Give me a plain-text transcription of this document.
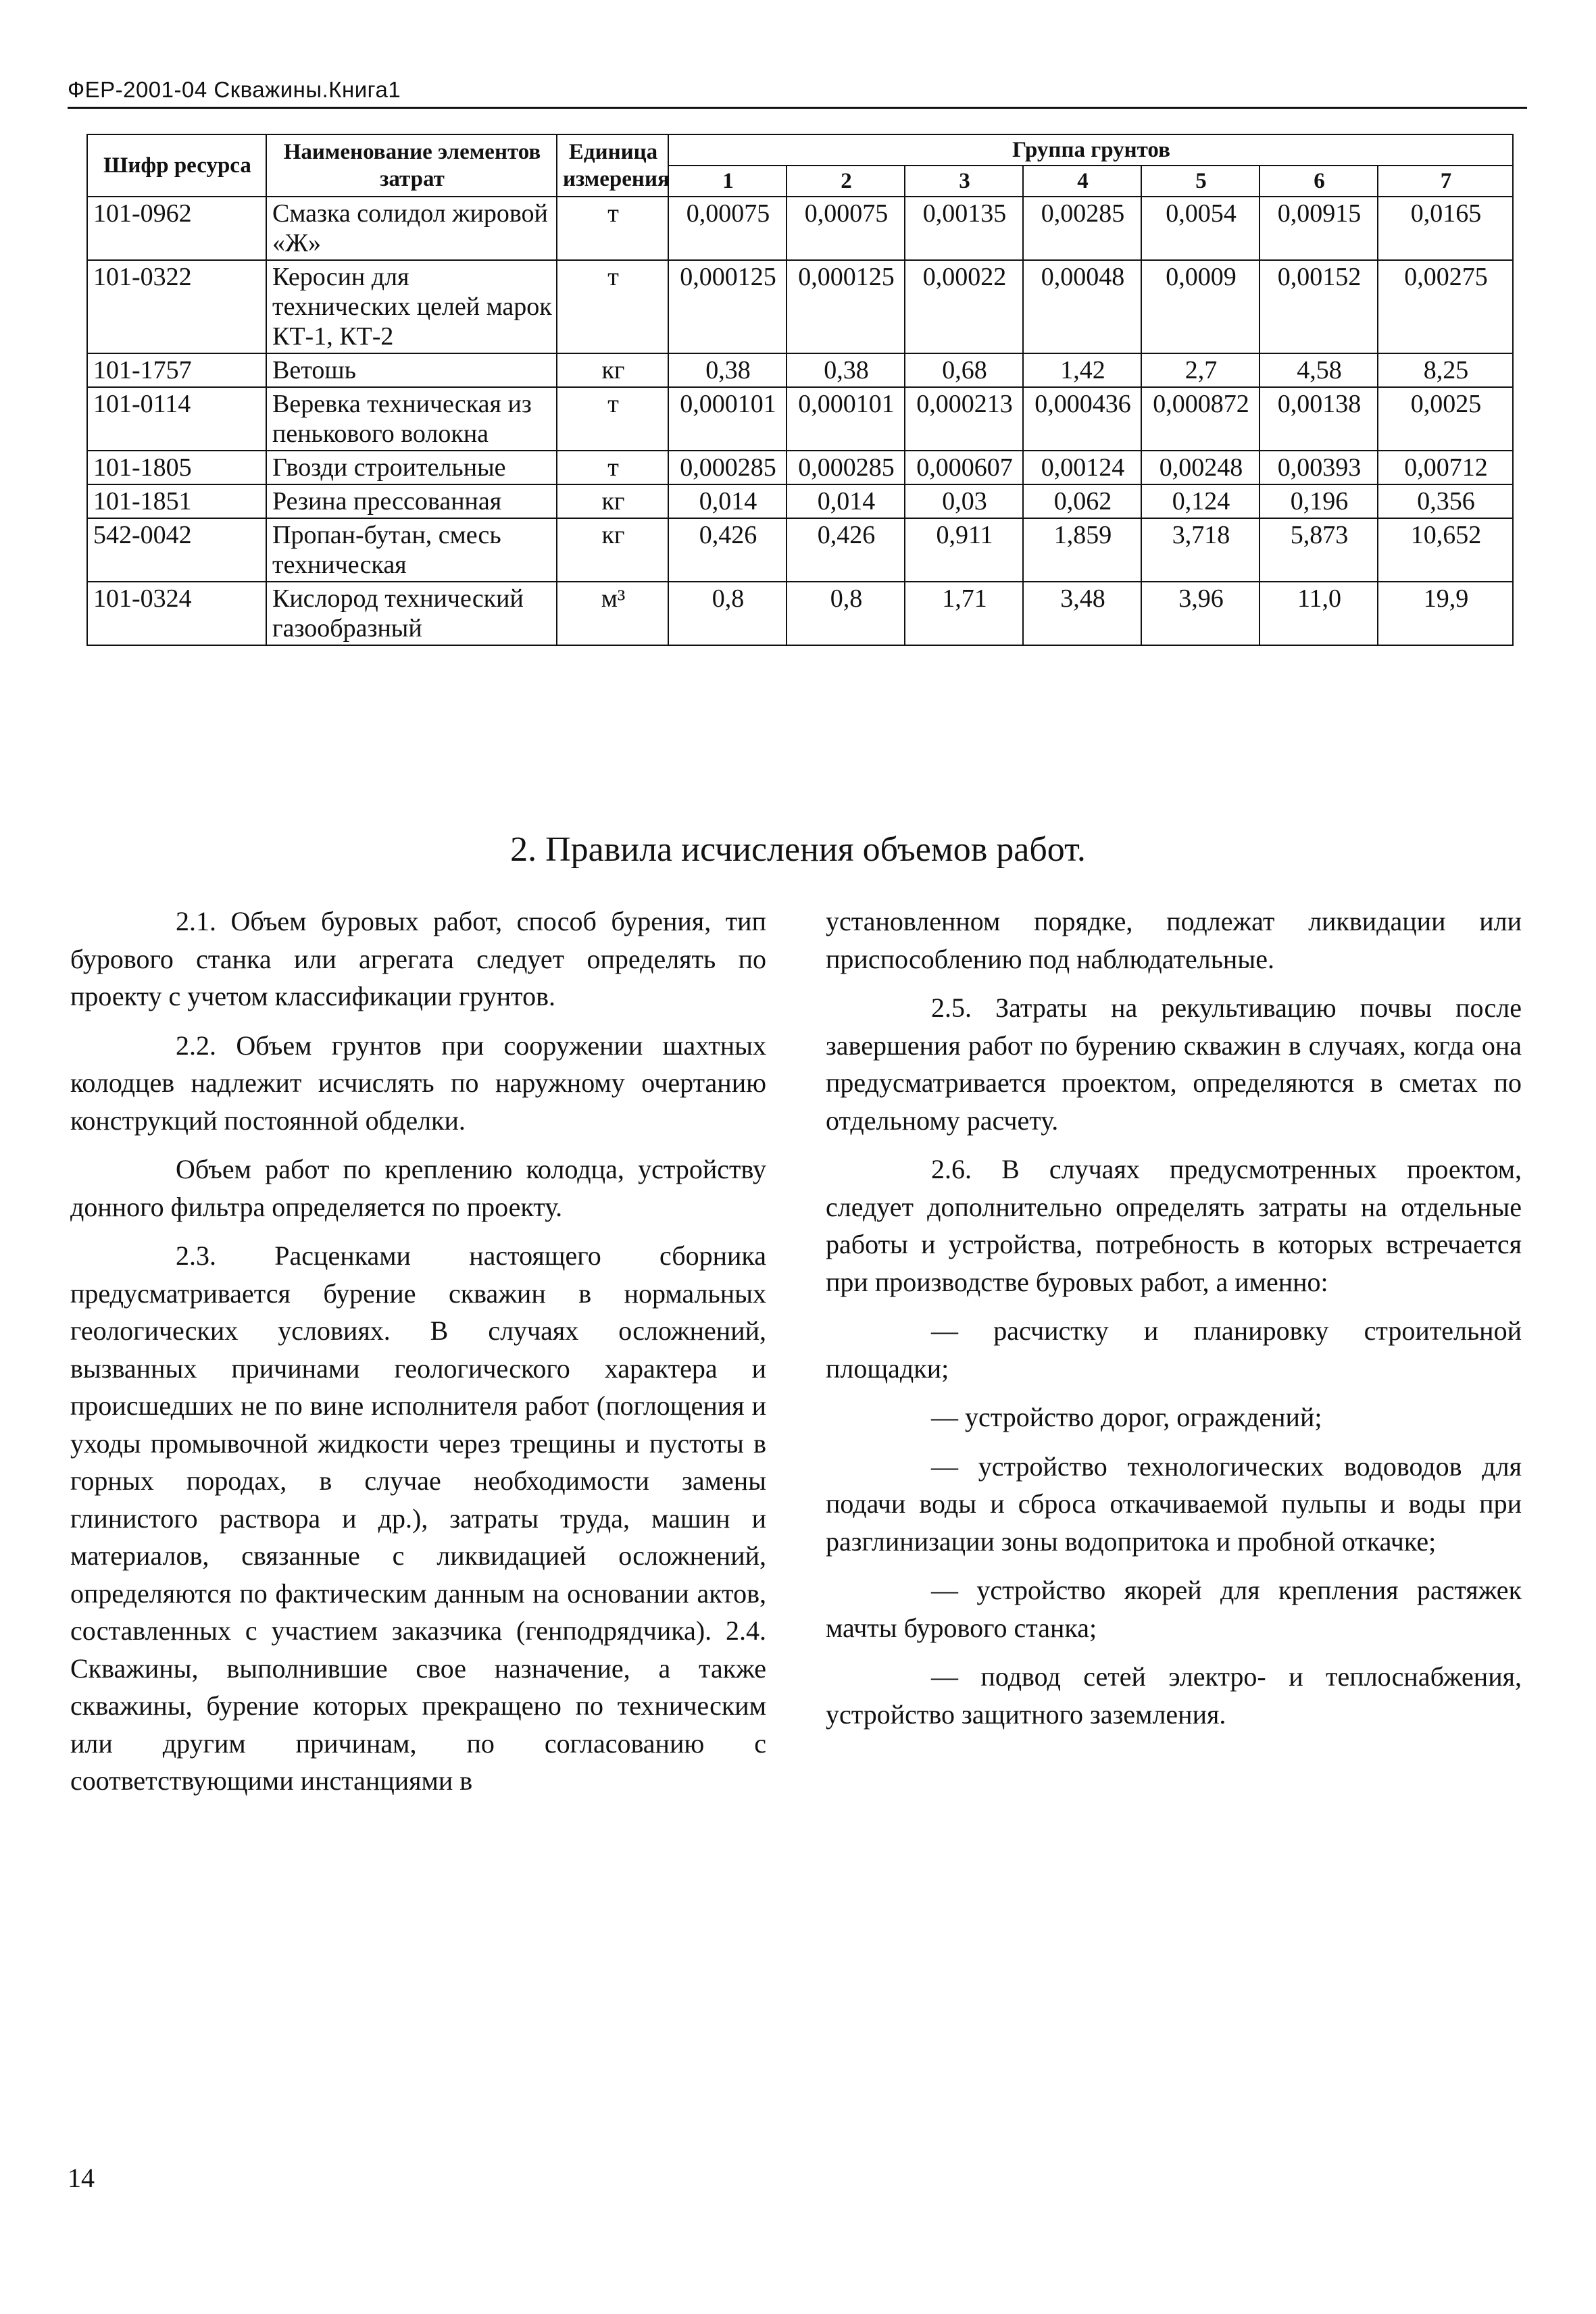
ФЕР-2001-04 Скважины.Книга1
Шифр ресурса	Наименование элементов затрат	Единица измерения	Группа грунтов						
			1	2	3	4	5	6	7
101-0962	Смазка солидол жировой «Ж»	т	0,00075	0,00075	0,00135	0,00285	0,0054	0,00915	0,0165
101-0322	Керосин для технических целей марок КТ-1, КТ-2	т	0,000125	0,000125	0,00022	0,00048	0,0009	0,00152	0,00275
101-1757	Ветошь	кг	0,38	0,38	0,68	1,42	2,7	4,58	8,25
101-0114	Веревка техническая из пенькового волокна	т	0,000101	0,000101	0,000213	0,000436	0,000872	0,00138	0,0025
101-1805	Гвозди строительные	т	0,000285	0,000285	0,000607	0,00124	0,00248	0,00393	0,00712
101-1851	Резина прессованная	кг	0,014	0,014	0,03	0,062	0,124	0,196	0,356
542-0042	Пропан-бутан, смесь техническая	кг	0,426	0,426	0,911	1,859	3,718	5,873	10,652
101-0324	Кислород технический газообразный	м³	0,8	0,8	1,71	3,48	3,96	11,0	19,9
2. Правила исчисления объемов работ.

2.1. Объем буровых работ, способ бурения, тип бурового станка или агрегата следует определять по проекту с учетом классификации грунтов.

2.2. Объем грунтов при сооружении шахтных колодцев надлежит исчислять по наружному очертанию конструкций постоянной обделки.

Объем работ по креплению колодца, устройству донного фильтра определяется по проекту.

2.3. Расценками настоящего сборника предусматривается бурение скважин в нормальных геологических условиях. В случаях осложнений, вызванных причинами геологического характера и происшедших не по вине исполнителя работ (поглощения и уходы промывочной жидкости через трещины и пустоты в горных породах, в случае необходимости замены глинистого раствора и др.), затраты труда, машин и материалов, связанные с ликвидацией осложнений, определяются по фактическим данным на основании актов, составленных с участием заказчика (генподрядчика). 2.4. Скважины, выполнившие свое назначение, а также скважины, бурение которых прекращено по техническим или другим причинам, по согласованию с соответствующими инстанциями в

установленном порядке, подлежат ликвидации или приспособлению под наблюдательные.

2.5. Затраты на рекультивацию почвы после завершения работ по бурению скважин в случаях, когда она предусматривается проектом, определяются в сметах по отдельному расчету.

2.6. В случаях предусмотренных проектом, следует дополнительно определять затраты на отдельные работы и устройства, потребность в которых встречается при производстве буровых работ, а именно:

— расчистку и планировку строительной площадки;

— устройство дорог, ограждений;

— устройство технологических водоводов для подачи воды и сброса откачиваемой пульпы и воды при разглинизации зоны водопритока и пробной откачке;

— устройство якорей для крепления растяжек мачты бурового станка;

— подвод сетей электро- и теплоснабжения, устройство защитного заземления.

14
